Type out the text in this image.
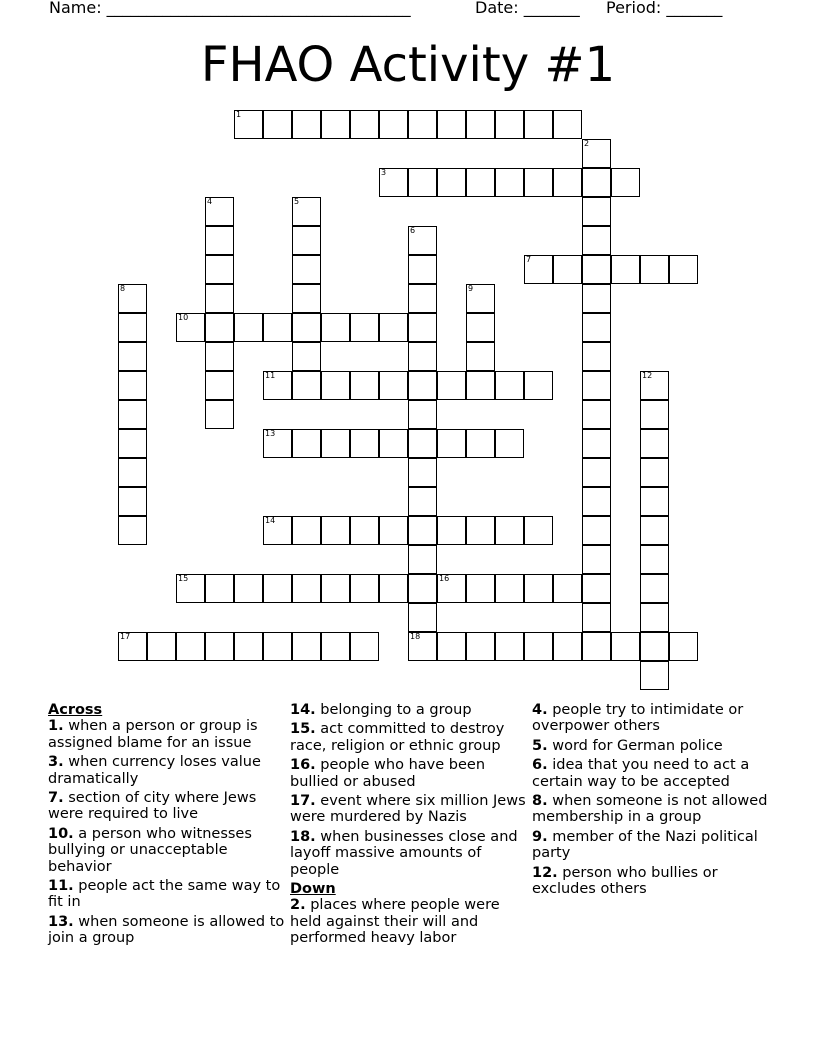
Name: ______________________________________	Date: _______ Period: _______
FHAO Activity #1
1
2
3
4	5
6
7
8	9
10
11	12
13
14
15	16
17	18

Across

1. when a person or group is assigned blame for an issue

3. when currency loses value dramatically

7. section of city where Jews were required to live

10. a person who witnesses bullying or unacceptable behavior

11. people act the same way to fit in

13. when someone is allowed to join a group

14. belonging to a group

15. act committed to destroy race, religion or ethnic group

16. people who have been bullied or abused

17. event where six million Jews were murdered by Nazis

18. when businesses close and layoff massive amounts of people

Down

2. places where people were held against their will and performed heavy labor

4. people try to intimidate or overpower others

5. word for German police

6. idea that you need to act a certain way to be accepted

8. when someone is not allowed membership in a group

9. member of the Nazi political party

12. person who bullies or excludes others
